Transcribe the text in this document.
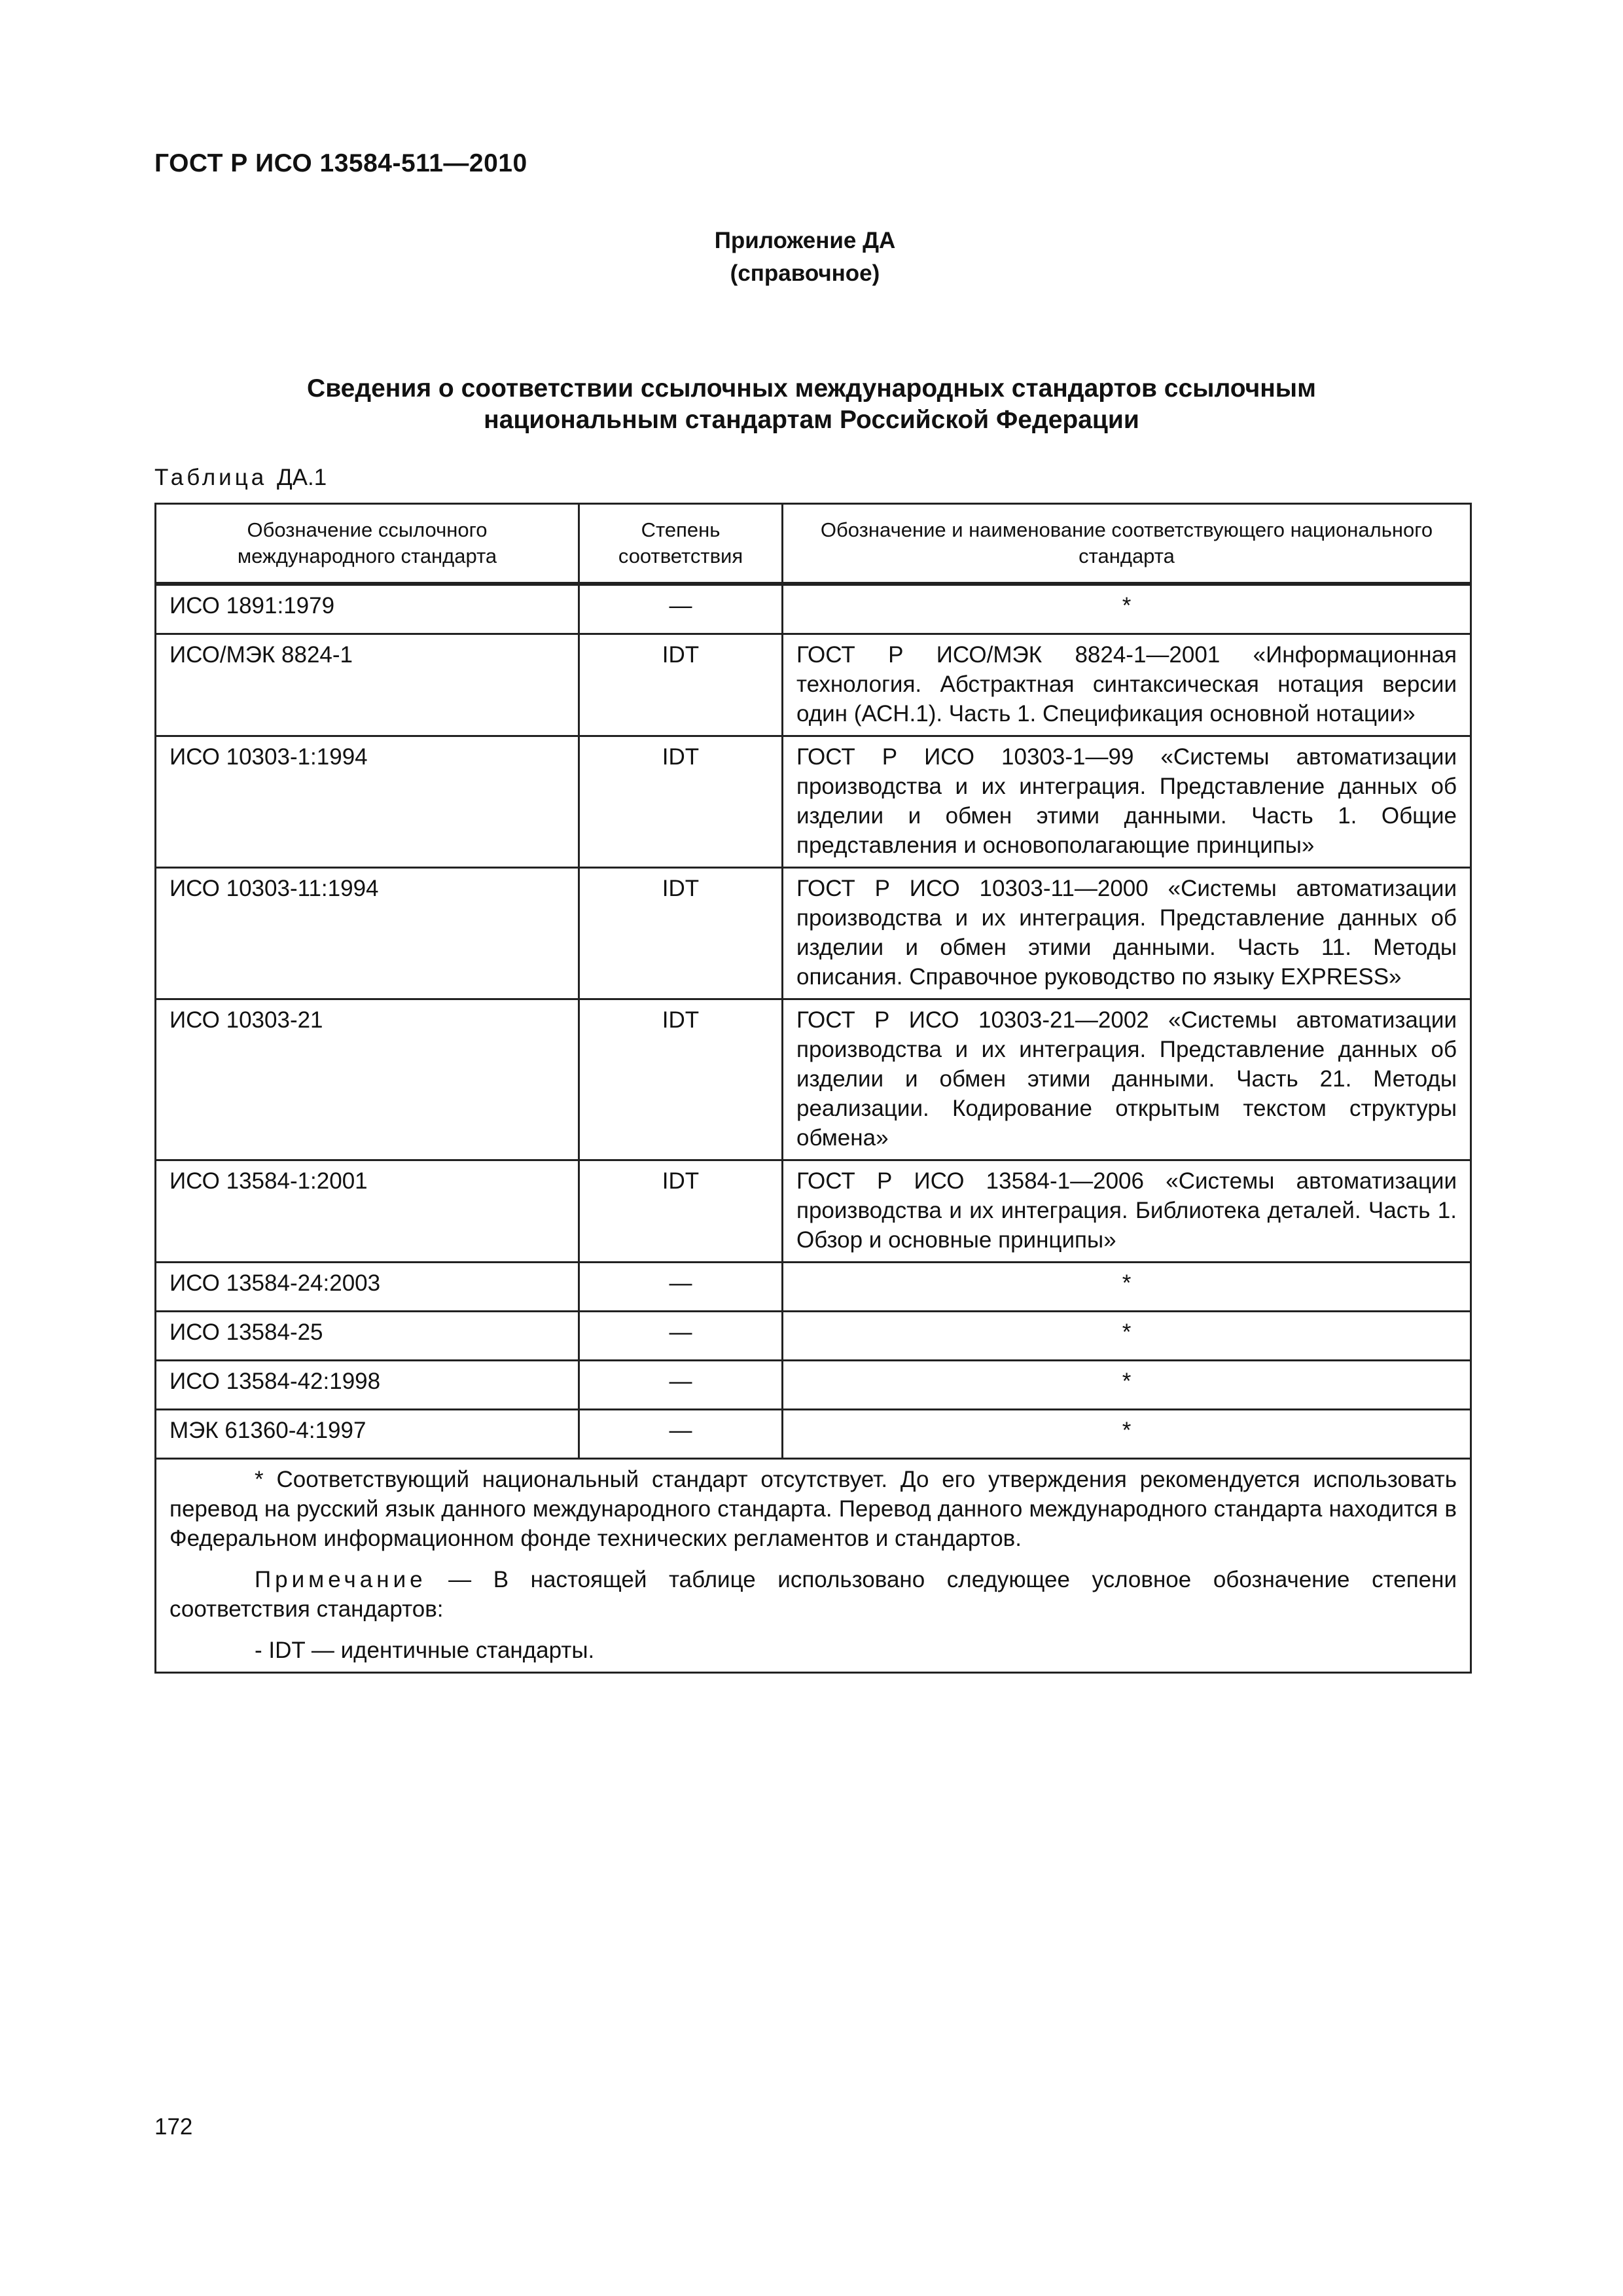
ГОСТ Р ИСО 13584-511—2010
Приложение ДА
(справочное)
Сведения о соответствии ссылочных международных стандартов ссылочным
национальным стандартам Российской Федерации
Таблица ДА.1
Обозначение ссылочного международного стандарта	Степень соответствия	Обозначение и наименование соответствующего национального стандарта
ИСО 1891:1979	—	*
ИСО/МЭК 8824-1	IDT	ГОСТ Р ИСО/МЭК 8824-1—2001 «Информационная технология. Абстрактная синтаксическая нотация версии один (АСН.1). Часть 1. Спецификация основной нотации»
ИСО 10303-1:1994	IDT	ГОСТ Р ИСО 10303-1—99 «Системы автоматизации производства и их интеграция. Представление данных об изделии и обмен этими данными. Часть 1. Общие представления и основополагающие принципы»
ИСО 10303-11:1994	IDT	ГОСТ Р ИСО 10303-11—2000 «Системы автоматизации производства и их интеграция. Представление данных об изделии и обмен этими данными. Часть 11. Методы описания. Справочное руководство по языку EXPRESS»
ИСО 10303-21	IDT	ГОСТ Р ИСО 10303-21—2002 «Системы автоматизации производства и их интеграция. Представление данных об изделии и обмен этими данными. Часть 21. Методы реализации. Кодирование открытым текстом структуры обмена»
ИСО 13584-1:2001	IDT	ГОСТ Р ИСО 13584-1—2006 «Системы автоматизации производства и их интеграция. Библиотека деталей. Часть 1. Обзор и основные принципы»
ИСО 13584-24:2003	—	*
ИСО 13584-25	—	*
ИСО 13584-42:1998	—	*
МЭК 61360-4:1997	—	*

* Соответствующий национальный стандарт отсутствует. До его утверждения рекомендуется использовать перевод на русский язык данного международного стандарта. Перевод данного международного стандарта находится в Федеральном информационном фонде технических регламентов и стандартов.

Примечание — В настоящей таблице использовано следующее условное обозначение степени соответствия стандартов:

- IDT — идентичные стандарты.		

172
